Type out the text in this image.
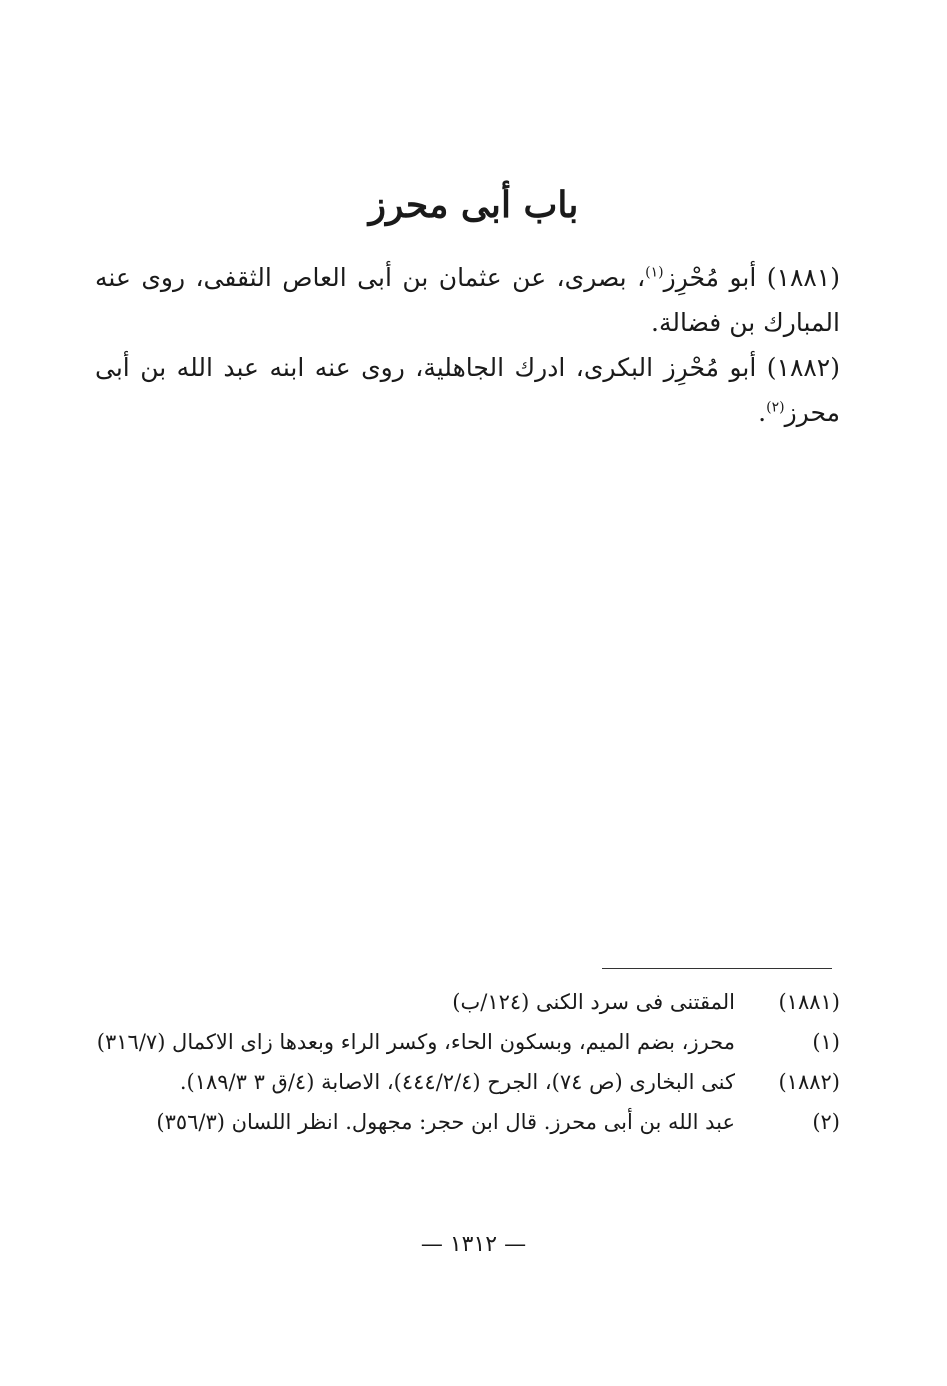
باب أبى محرز

(١٨٨١) أبو مُحْرِز$^{(١)}$، بصرى، عن عثمان بن أبى العاص الثقفى، روى عنه المبارك بن فضالة.

(١٨٨٢) أبو مُحْرِز البكرى، ادرك الجاهلية، روى عنه ابنه عبد الله بن أبى محرز$^{(٢)}$.

(١٨٨١)
المقتنى فى سرد الكنى (١٢٤/ب)
(١)
محرز، بضم الميم، وبسكون الحاء، وكسر الراء وبعدها زاى الاكمال (٣١٦/٧)
(١٨٨٢)
كنى البخارى (ص ٧٤)، الجرح (٤٤٤/٢/٤)، الاصابة (٤/ق ٣ ١٨٩/٣).
(٢)
عبد الله بن أبى محرز. قال ابن حجر: مجهول. انظر اللسان (٣٥٦/٣)
— ١٣١٢ —
